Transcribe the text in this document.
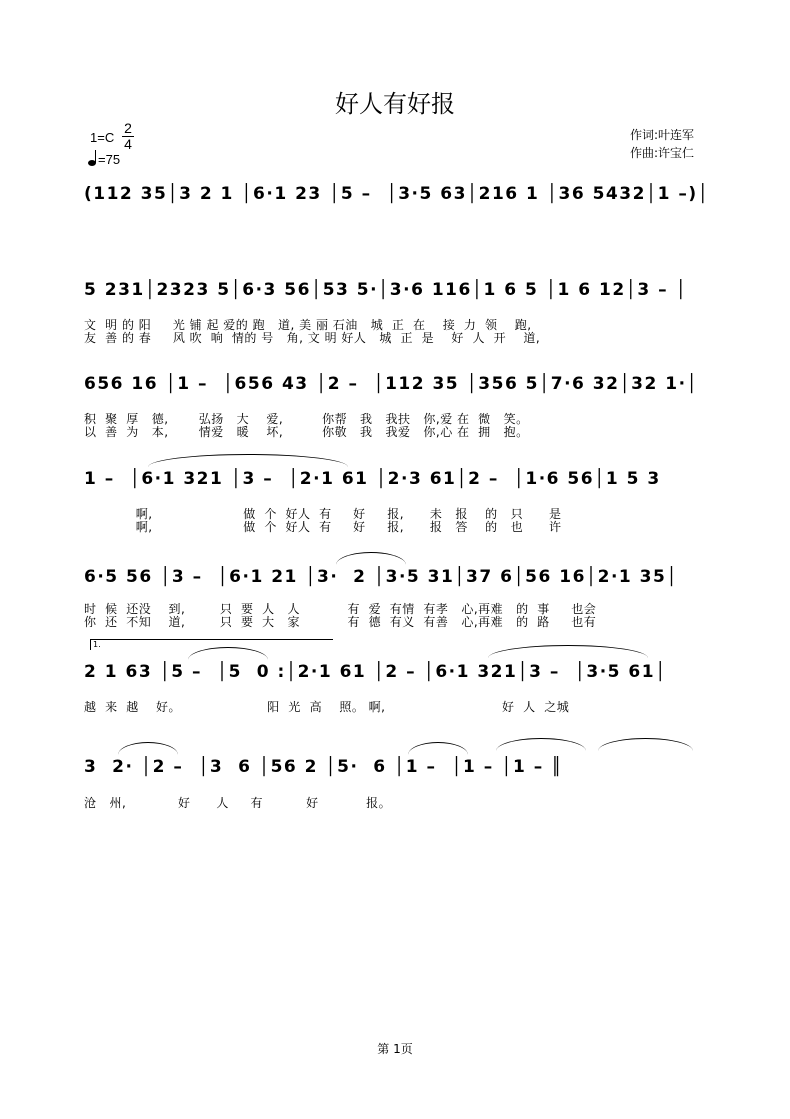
好人有好报
1=C
2
4
=75
作词:叶连军
作曲:许宝仁
(112 35│3 2 1 │6·1 23 │5 –  │3·5 63│216 1 │36 5432│1 –)│
5 231│2323 5│6·3 56│53 5·│3·6 116│1 6 5 │1 6 12│3 – │
文  明 的 阳     光 铺 起 爱的 跑   道, 美 丽 石油   城  正  在    接  力  领    跑,
友  善 的 春     风 吹  响  情的 号   角, 文 明 好人   城  正  是    好  人  开    道,
656 16 │1 –  │656 43 │2 –  │112 35 │356 5│7·6 32│32 1·│
积  聚  厚   德,       弘扬   大    爱,         你帮   我   我扶   你,爱 在  微   笑。
以  善  为   本,       情爱   暖    坏,         你敬   我   我爱   你,心 在  拥   抱。
1 –  │6·1 321 │3 –  │2·1 61 │2·3 61│2 –  │1·6 56│1 5 3
啊,                     做  个  好人  有     好     报,      未   报    的   只      是
啊,                     做  个  好人  有     好     报,      报   答    的   也      许
6·5 56 │3 –  │6·1 21 │3·  2 │3·5 31│37 6│56 16│2·1 35│
时  候  还没    到,        只  要  人   人           有  爱  有情  有孝   心,再难   的  事     也会
你  还  不知    道,        只  要  大   家           有  德  有义  有善   心,再难   的  路     也有
1.
2 1 63 │5 –  │5  0 :│2·1 61 │2 – │6·1 321│3 –  │3·5 61│
越  来  越    好。                    阳  光  高    照。 啊,                           好  人  之城
3  2· │2 –  │3  6 │56 2 │5·  6 │1 –  │1 – │1 – ║
沧   州,            好      人     有          好           报。
第 1页
